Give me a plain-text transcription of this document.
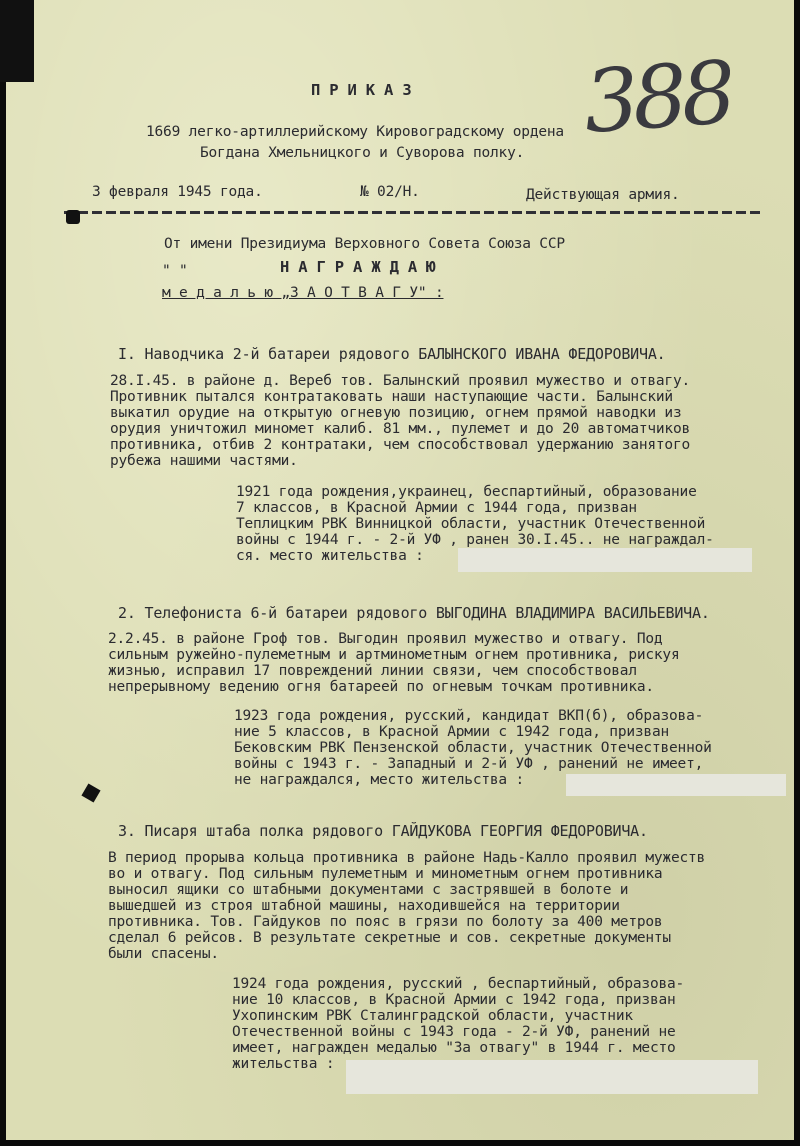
388
П Р И К А З
1669 легко-артиллерийскому Кировоградскому ордена
Богдана Хмельницкого и Суворова полку.
3 февраля 1945 года.	№ 02/Н.	Действующая армия.
От имени Президиума Верховного Совета Союза ССР
" "	Н А Г Р А Ж Д А Ю
м е д а л ь ю „З А О Т В А Г У" :
I. Наводчика 2-й батареи рядового БАЛЫНСКОГО ИВАНА ФЕДОРОВИЧА.
28.I.45. в районе д. Вереб тов. Балынский проявил мужество и отвагу.
Противник пытался контратаковать наши наступающие части. Балынский
выкатил орудие на открытую огневую позицию, огнем прямой наводки из
орудия уничтожил миномет калиб. 81 мм., пулемет и до 20 автоматчиков
противника, отбив 2 контратаки, чем способствовал удержанию занятого
рубежа нашими частями.
1921 года рождения,украинец, беспартийный, образование
7 классов, в Красной Армии с 1944 года, призван
Теплицким РВК Винницкой области, участник Отечественной
войны с 1944 г. - 2-й УФ , ранен 30.I.45.. не награждал-
ся. место жительства :
2. Телефониста 6-й батареи рядового ВЫГОДИНА ВЛАДИМИРА ВАСИЛЬЕВИЧА.
2.2.45. в районе Гроф тов. Выгодин проявил мужество и отвагу. Под
сильным ружейно-пулеметным и артминометным огнем противника, рискуя
жизнью, исправил 17 повреждений линии связи, чем способствовал
непрерывному ведению огня батареей по огневым точкам противника.
1923 года рождения, русский, кандидат ВКП(б), образова-
ние 5 классов, в Красной Армии с 1942 года, призван
Бековским РВК Пензенской области, участник Отечественной
войны с 1943 г. - Западный и 2-й УФ , ранений не имеет,
не награждался, место жительства :
3. Писаря штаба полка рядового ГАЙДУКОВА ГЕОРГИЯ ФЕДОРОВИЧА.
В период прорыва кольца противника в районе Надь-Калло проявил мужеств
во и отвагу. Под сильным пулеметным и минометным огнем противника
выносил ящики со штабными документами с застрявшей в болоте и
вышедшей из строя штабной машины, находившейся на территории
противника. Тов. Гайдуков по пояс в грязи по болоту за 400 метров
сделал 6 рейсов. В результате секретные и сов. секретные документы
были спасены.
1924 года рождения, русский , беспартийный, образова-
ние 10 классов, в Красной Армии с 1942 года, призван
Ухопинским РВК Сталинградской области, участник
Отечественной войны с 1943 года - 2-й УФ, ранений не
имеет, награжден медалью "За отвагу" в 1944 г. место
жительства :
